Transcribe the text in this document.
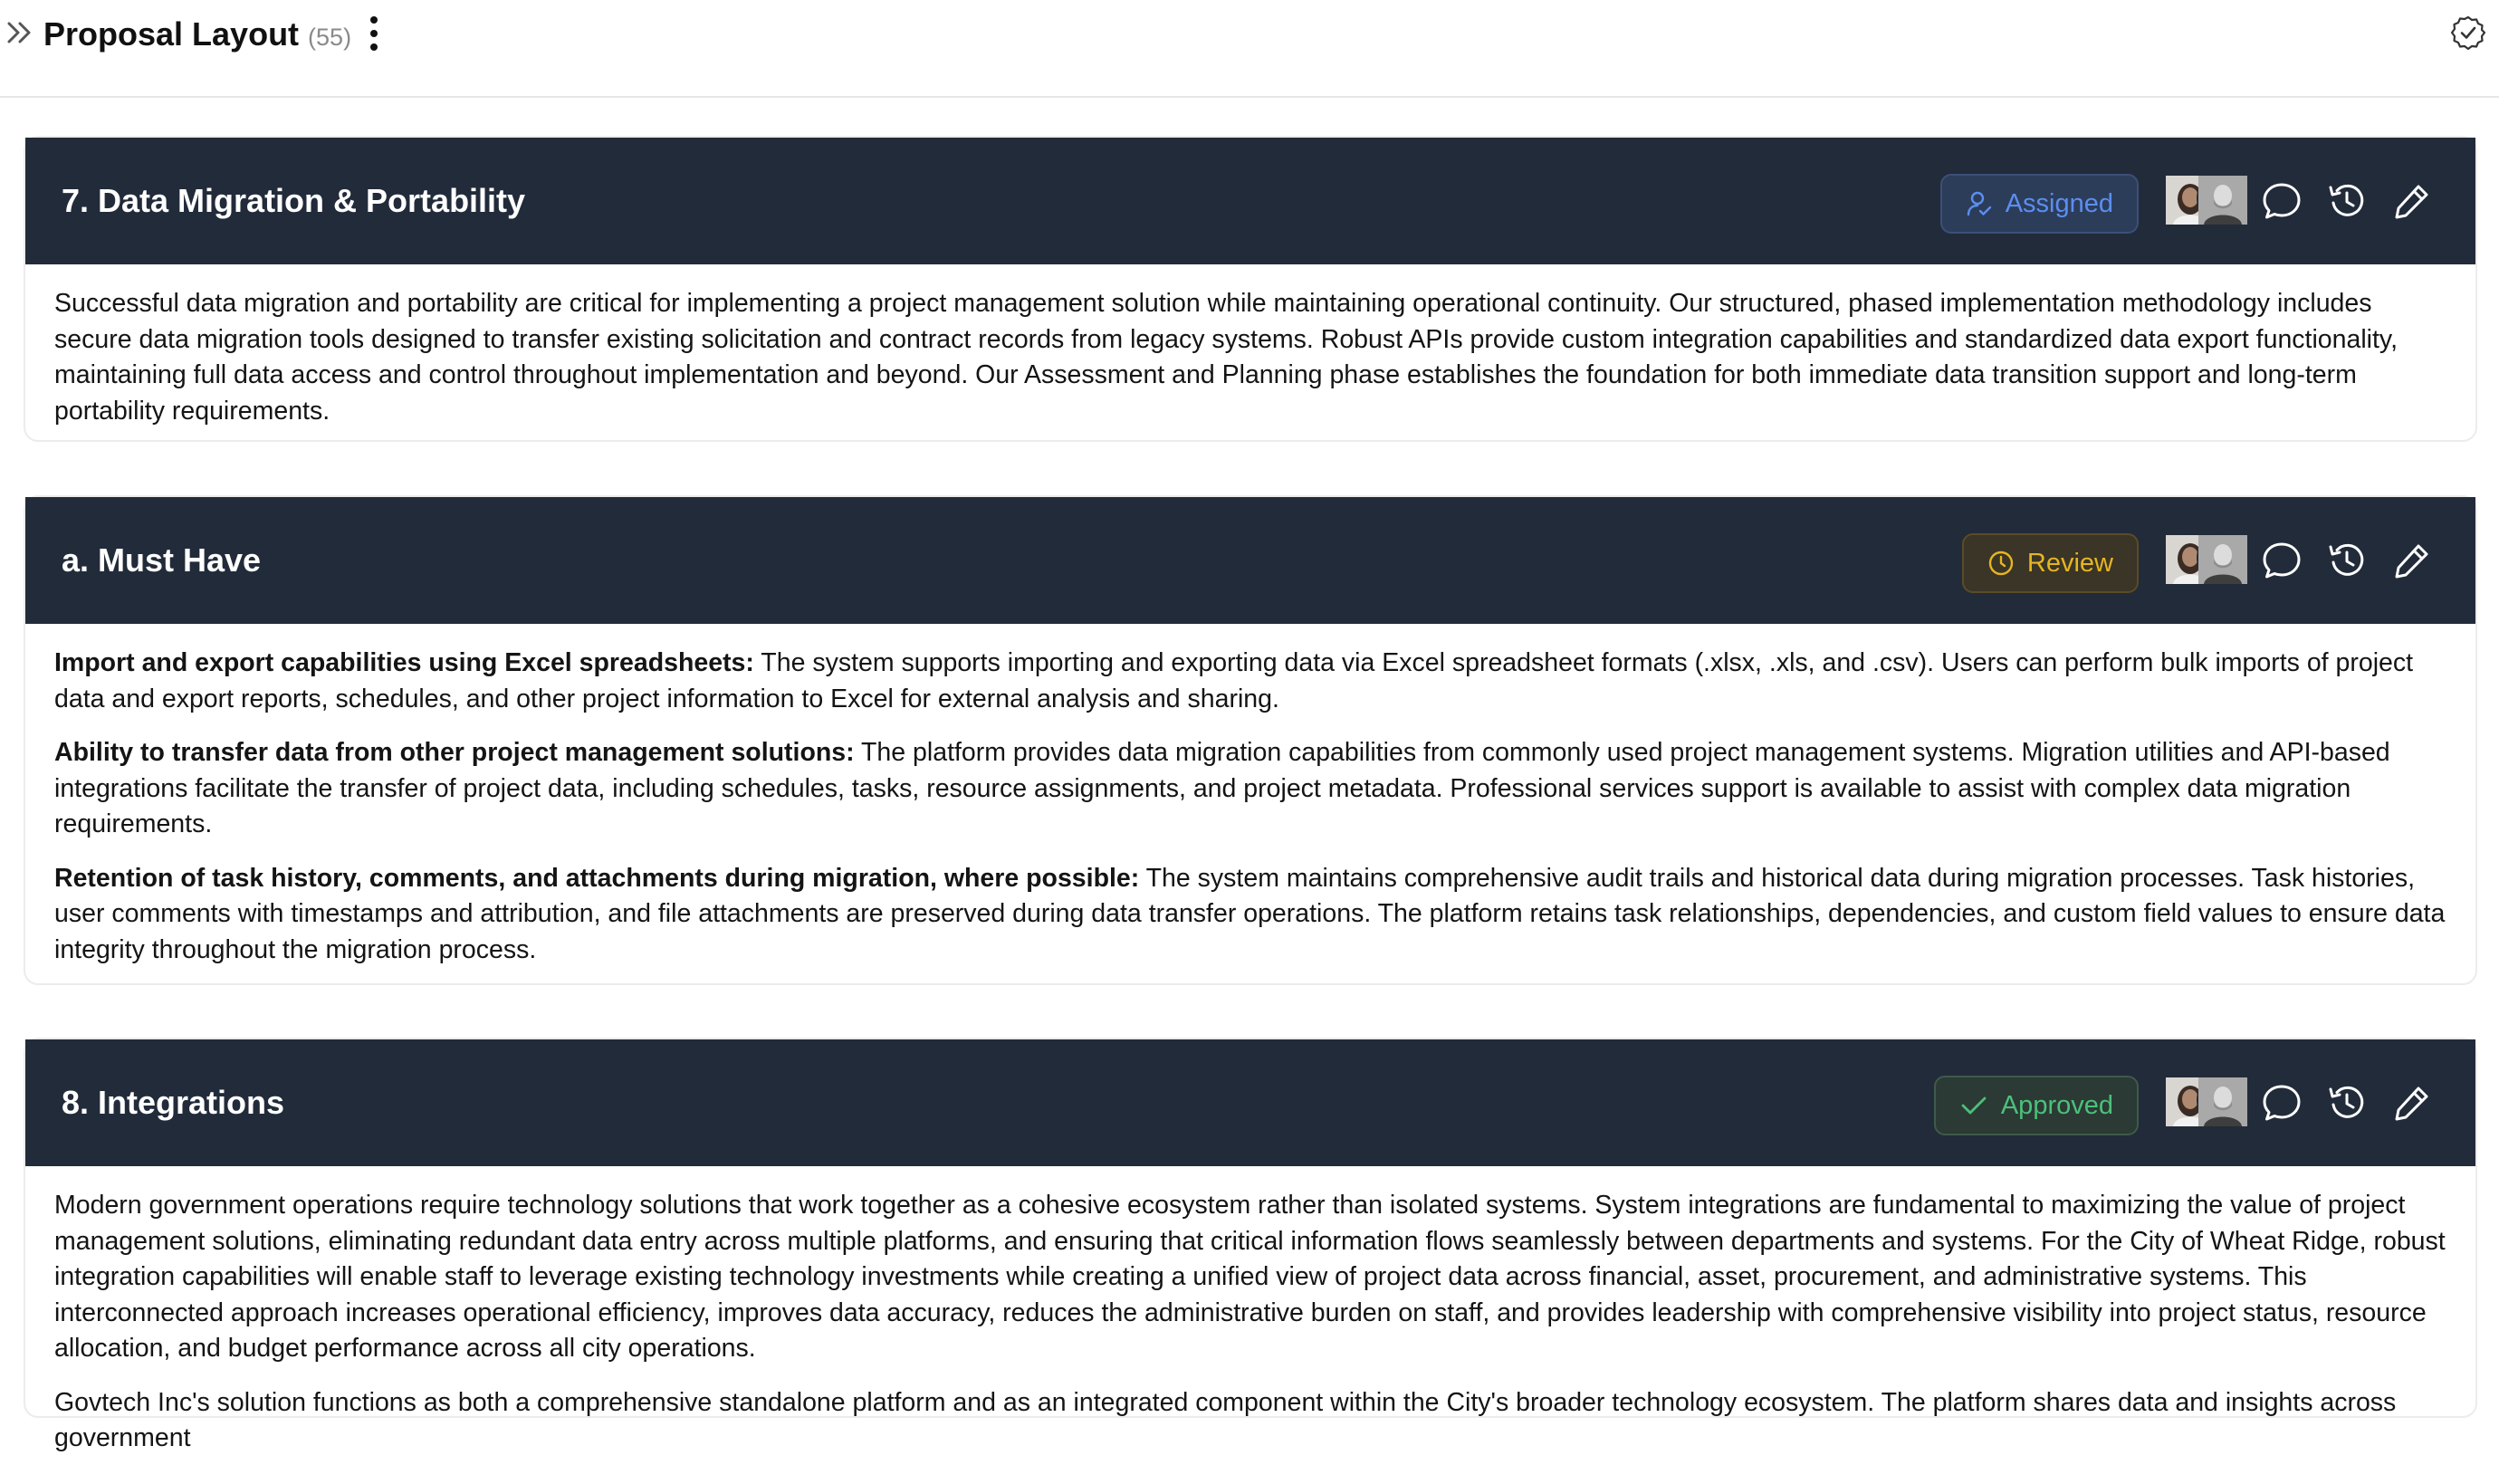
Proposal Layout (55)
7. Data Migration & Portability	Assigned

Successful data migration and portability are critical for implementing a project management solution while maintaining operational continuity. Our structured, phased implementation methodology includes secure data migration tools designed to transfer existing solicitation and contract records from legacy systems. Robust APIs provide custom integration capabilities and standardized data export functionality, maintaining full data access and control throughout implementation and beyond. Our Assessment and Planning phase establishes the foundation for both immediate data transition support and long-term portability requirements.

a. Must Have	Review

Import and export capabilities using Excel spreadsheets: The system supports importing and exporting data via Excel spreadsheet formats (.xlsx, .xls, and .csv). Users can perform bulk imports of project data and export reports, schedules, and other project information to Excel for external analysis and sharing.

Ability to transfer data from other project management solutions: The platform provides data migration capabilities from commonly used project management systems. Migration utilities and API-based integrations facilitate the transfer of project data, including schedules, tasks, resource assignments, and project metadata. Professional services support is available to assist with complex data migration requirements.

Retention of task history, comments, and attachments during migration, where possible: The system maintains comprehensive audit trails and historical data during migration processes. Task histories, user comments with timestamps and attribution, and file attachments are preserved during data transfer operations. The platform retains task relationships, dependencies, and custom field values to ensure data integrity throughout the migration process.

8. Integrations	Approved

Modern government operations require technology solutions that work together as a cohesive ecosystem rather than isolated systems. System integrations are fundamental to maximizing the value of project management solutions, eliminating redundant data entry across multiple platforms, and ensuring that critical information flows seamlessly between departments and systems. For the City of Wheat Ridge, robust integration capabilities will enable staff to leverage existing technology investments while creating a unified view of project data across financial, asset, procurement, and administrative systems. This interconnected approach increases operational efficiency, improves data accuracy, reduces the administrative burden on staff, and provides leadership with comprehensive visibility into project status, resource allocation, and budget performance across all city operations.

Govtech Inc's solution functions as both a comprehensive standalone platform and as an integrated component within the City's broader technology ecosystem. The platform shares data and insights across government
